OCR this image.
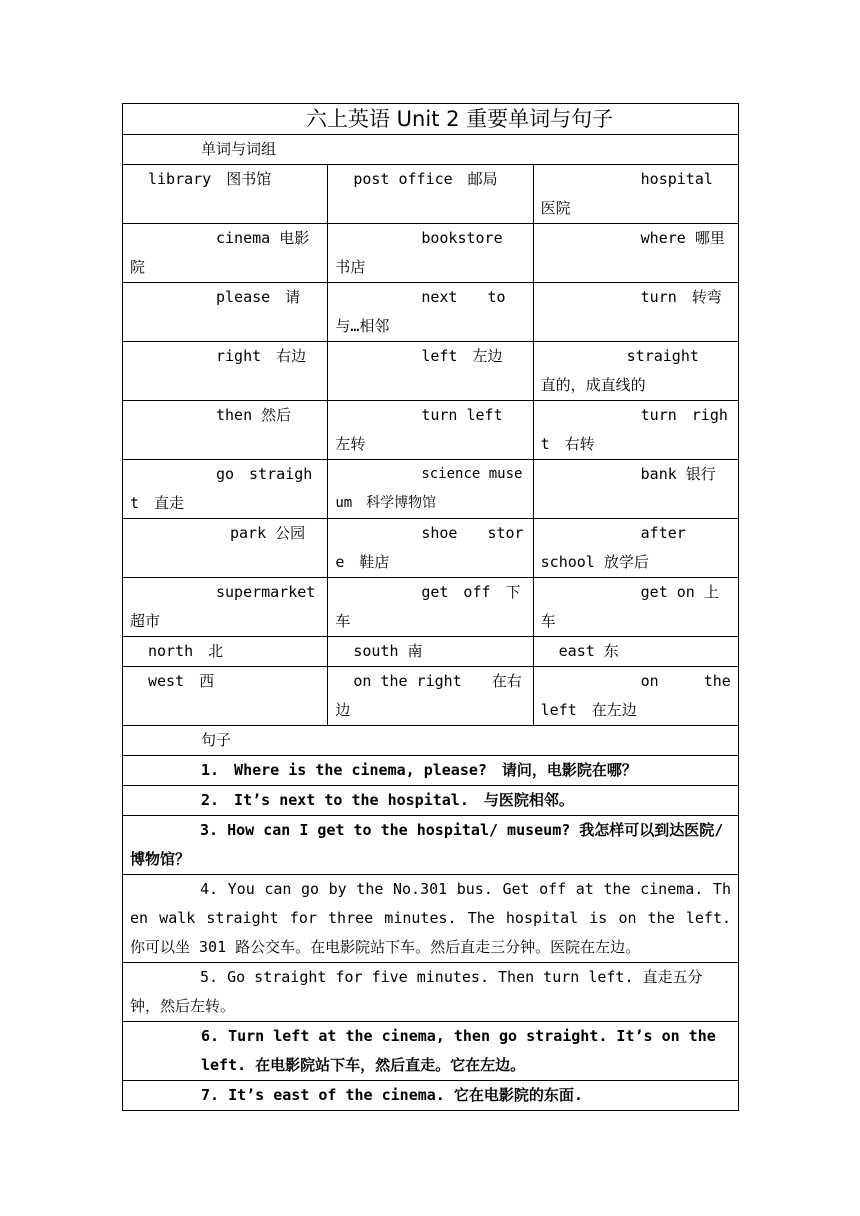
六上英语 Unit 2 重要单词与句子		
单词与词组		
library　图书馆	post office　邮局	hospital　医院
cinema 电影院	bookstore　书店	where 哪里
please　请	next　　to　与…相邻	turn　转弯
right　右边	left　左边	straight　　直的，成直线的
then 然后	turn left 左转	turn　right　右转
go　straight　直走	science museum　科学博物馆	bank 银行
park 公园	shoe　　store　鞋店	after　　　school 放学后
supermarket　超市	get　off　下车	get on 上车
north　北	south 南	east 东
west　西	on the right　　在右边	on　　　the　left　在左边
句子		
1.　Where is the cinema, please?　请问，电影院在哪？		
2.　It’s next to the hospital.　与医院相邻。		
3. How can I get to the hospital/ museum? 我怎样可以到达医院/博物馆？		
4. You can go by the No.301 bus. Get off at the cinema. Then walk straight for three minutes. The hospital is on the left. 你可以坐 301 路公交车。在电影院站下车。然后直走三分钟。医院在左边。		
5. Go straight for five minutes. Then turn left. 直走五分钟，然后左转。		
6. Turn left at the cinema, then go straight. It’s on the left. 在电影院站下车，然后直走。它在左边。		
7. It’s east of the cinema. 它在电影院的东面.		
